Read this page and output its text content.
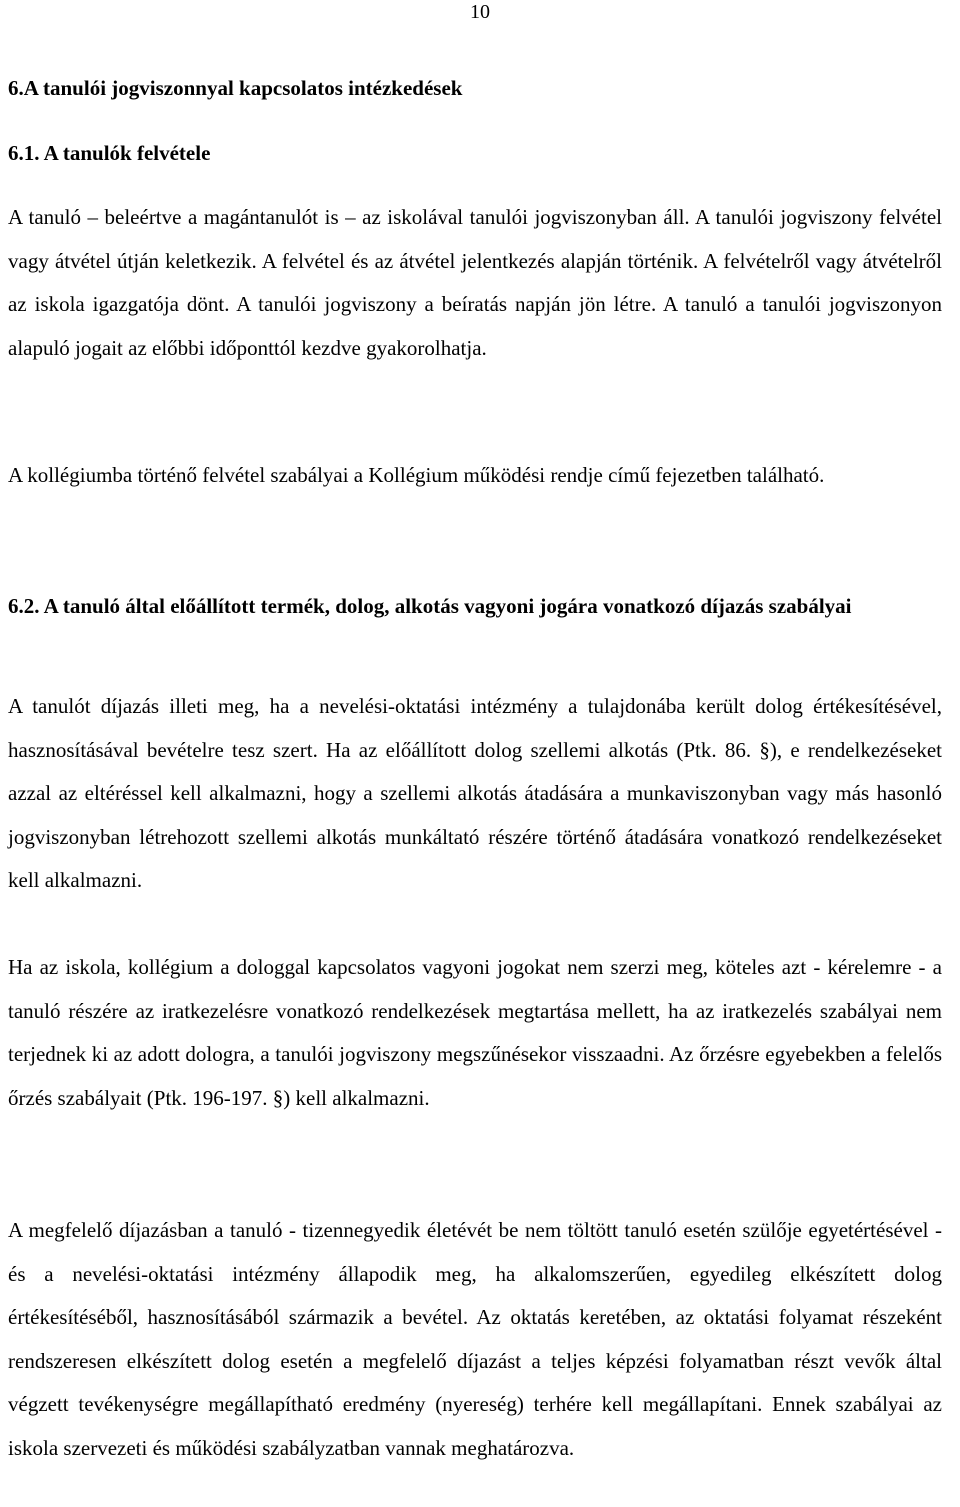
10
6.A tanulói jogviszonnyal kapcsolatos intézkedések
6.1. A tanulók felvétele

A tanuló – beleértve a magántanulót is – az iskolával tanulói jogviszonyban áll. A tanulói jogviszony felvétel vagy átvétel útján keletkezik. A felvétel és az átvétel jelentkezés alapján történik. A felvételről vagy átvételről az iskola igazgatója dönt. A tanulói jogviszony a beíratás napján jön létre. A tanuló a tanulói jogviszonyon alapuló jogait az előbbi időponttól kezdve gyakorolhatja.

A kollégiumba történő felvétel szabályai a Kollégium működési rendje című fejezetben található.

6.2. A tanuló által előállított termék, dolog, alkotás vagyoni jogára vonatkozó díjazás szabályai

A tanulót díjazás illeti meg, ha a nevelési-oktatási intézmény a tulajdonába került dolog értékesítésével, hasznosításával bevételre tesz szert. Ha az előállított dolog szellemi alkotás (Ptk. 86. §), e rendelkezéseket azzal az eltéréssel kell alkalmazni, hogy a szellemi alkotás átadására a munkaviszonyban vagy más hasonló jogviszonyban létrehozott szellemi alkotás munkáltató részére történő átadására vonatkozó rendelkezéseket kell alkalmazni.

Ha az iskola, kollégium a dologgal kapcsolatos vagyoni jogokat nem szerzi meg, köteles azt - kérelemre - a tanuló részére az iratkezelésre vonatkozó rendelkezések megtartása mellett, ha az iratkezelés szabályai nem terjednek ki az adott dologra, a tanulói jogviszony megszűnésekor visszaadni. Az őrzésre egyebekben a felelős őrzés szabályait (Ptk. 196-197. §) kell alkalmazni.

A megfelelő díjazásban a tanuló - tizennegyedik életévét be nem töltött tanuló esetén szülője egyetértésével - és a nevelési-oktatási intézmény állapodik meg, ha alkalomszerűen, egyedileg elkészített dolog értékesítéséből, hasznosításából származik a bevétel. Az oktatás keretében, az oktatási folyamat részeként rendszeresen elkészített dolog esetén a megfelelő díjazást a teljes képzési folyamatban részt vevők által végzett tevékenységre megállapítható eredmény (nyereség) terhére kell megállapítani. Ennek szabályai az iskola szervezeti és működési szabályzatban vannak meghatározva.
